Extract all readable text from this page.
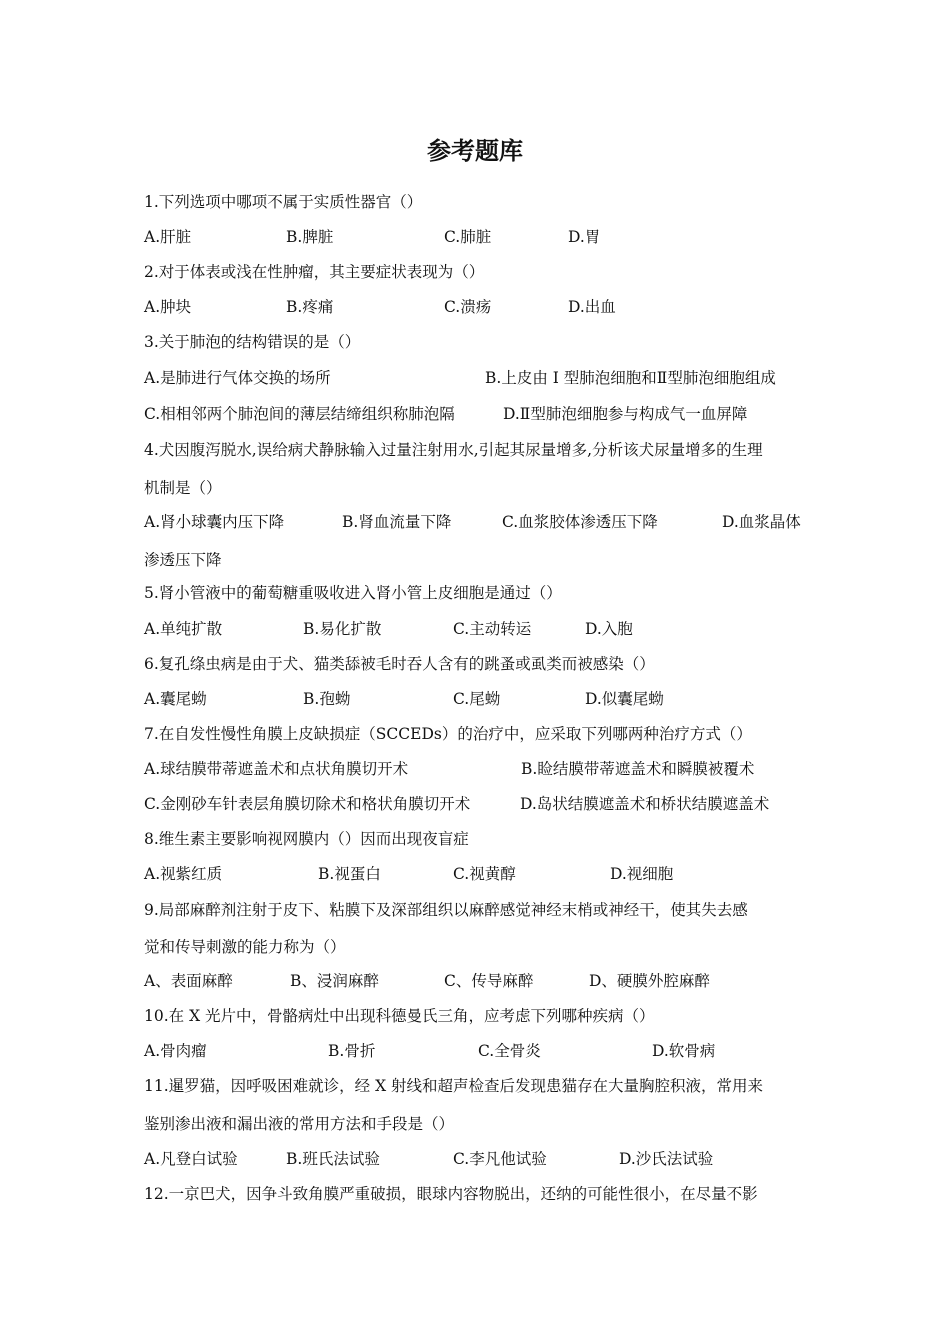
参考题库
1.下列选项中哪项不属于实质性器官（）
A.肝脏	B.脾脏	C.肺脏	D.胃
2.对于体表或浅在性肿瘤，其主要症状表现为（）
A.肿块	B.疼痛	C.溃疡	D.出血
3.关于肺泡的结构错误的是（）
A.是肺进行气体交换的场所	B.上皮由 I 型肺泡细胞和Ⅱ型肺泡细胞组成
C.相相邻两个肺泡间的薄层结缔组织称肺泡隔	D.Ⅱ型肺泡细胞参与构成气一血屏障
4.犬因腹泻脱水,误给病犬静脉输入过量注射用水,引起其尿量增多,分析该犬尿量增多的生理
机制是（）
A.肾小球囊内压下降	B.肾血流量下降	C.血浆胶体渗透压下降	D.血浆晶体
渗透压下降
5.肾小管液中的葡萄糖重吸收进入肾小管上皮细胞是通过（）
A.单纯扩散	B.易化扩散	C.主动转运	D.入胞
6.复孔绦虫病是由于犬、猫类舔被毛时吞人含有的跳蚤或虱类而被感染（）
A.囊尾蚴	B.孢蚴	C.尾蚴	D.似囊尾蚴
7.在自发性慢性角膜上皮缺损症（SCCEDs）的治疗中，应采取下列哪两种治疗方式（）
A.球结膜带蒂遮盖术和点状角膜切开术	B.睑结膜带蒂遮盖术和瞬膜被覆术
C.金刚砂车针表层角膜切除术和格状角膜切开术	D.岛状结膜遮盖术和桥状结膜遮盖术
8.维生素主要影响视网膜内（）因而出现夜盲症
A.视紫红质	B.视蛋白	C.视黄醇	D.视细胞
9.局部麻醉剂注射于皮下、粘膜下及深部组织以麻醉感觉神经末梢或神经干，使其失去感
觉和传导刺激的能力称为（）
A、表面麻醉	B、浸润麻醉	C、传导麻醉	D、硬膜外腔麻醉
10.在 X 光片中，骨骼病灶中出现科德曼氏三角，应考虑下列哪种疾病（）
A.骨肉瘤	B.骨折	C.全骨炎	D.软骨病
11.暹罗猫，因呼吸困难就诊，经 X 射线和超声检查后发现患猫存在大量胸腔积液，常用来
鉴别渗出液和漏出液的常用方法和手段是（）
A.凡登白试验	B.班氏法试验	C.李凡他试验	D.沙氏法试验
12.一京巴犬，因争斗致角膜严重破损，眼球内容物脱出，还纳的可能性很小，在尽量不影
